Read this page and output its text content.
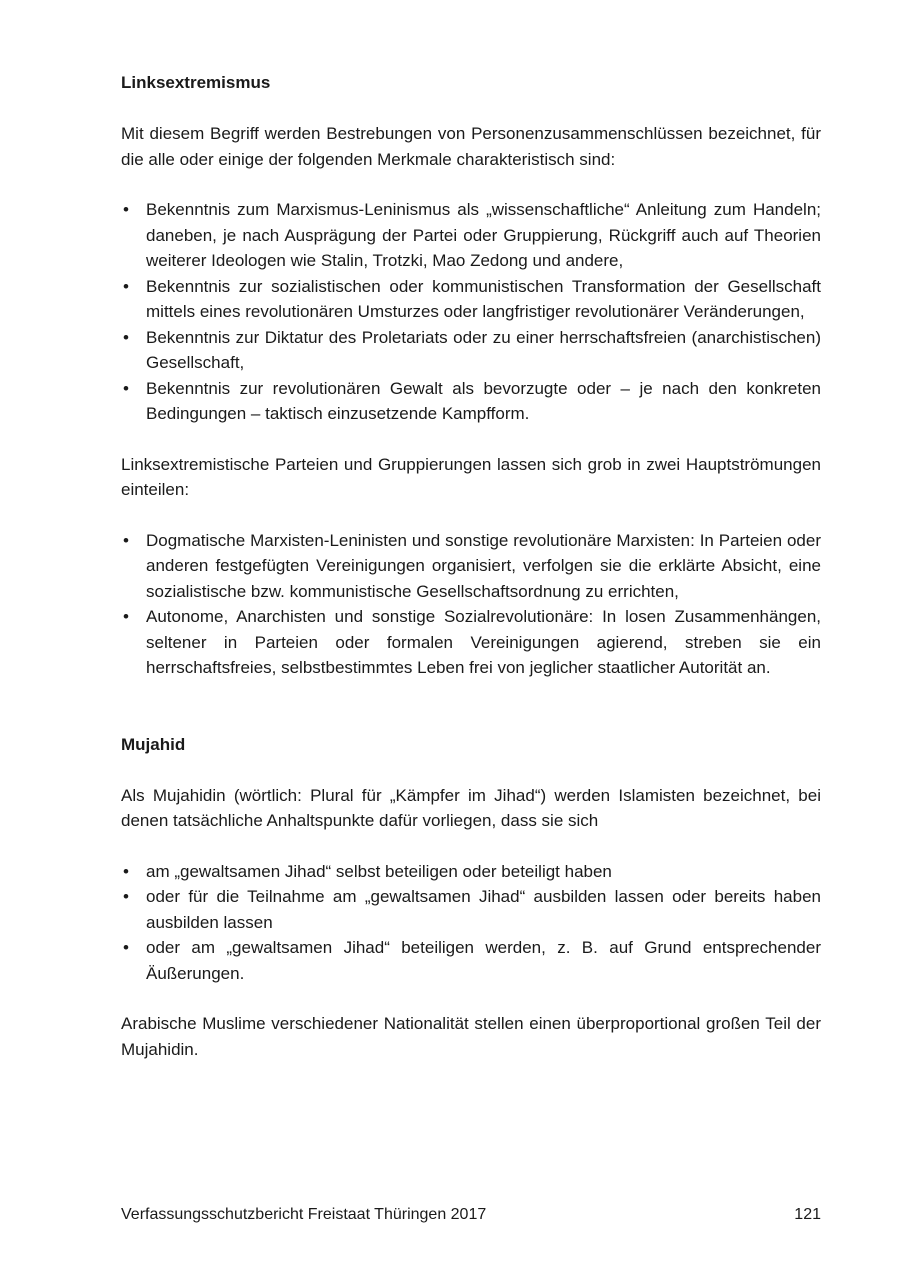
Linksextremismus

Mit diesem Begriff werden Bestrebungen von Personenzusammenschlüssen bezeichnet, für die alle oder einige der folgenden Merkmale charakteristisch sind:

• Bekenntnis zum Marxismus-Leninismus als „wissenschaftliche“ Anleitung zum Handeln; daneben, je nach Ausprägung der Partei oder Gruppierung, Rückgriff auch auf Theorien weiterer Ideologen wie Stalin, Trotzki, Mao Zedong und andere,
• Bekenntnis zur sozialistischen oder kommunistischen Transformation der Gesellschaft mittels eines revolutionären Umsturzes oder langfristiger revolutionärer Veränderungen,
• Bekenntnis zur Diktatur des Proletariats oder zu einer herrschaftsfreien (anarchistischen) Gesellschaft,
• Bekenntnis zur revolutionären Gewalt als bevorzugte oder – je nach den konkreten Bedingungen – taktisch einzusetzende Kampfform.

Linksextremistische Parteien und Gruppierungen lassen sich grob in zwei Hauptströmungen einteilen:

• Dogmatische Marxisten-Leninisten und sonstige revolutionäre Marxisten: In Parteien oder anderen festgefügten Vereinigungen organisiert, verfolgen sie die erklärte Absicht, eine sozialistische bzw. kommunistische Gesellschaftsordnung zu errichten,
• Autonome, Anarchisten und sonstige Sozialrevolutionäre: In losen Zusammenhängen, seltener in Parteien oder formalen Vereinigungen agierend, streben sie ein herrschaftsfreies, selbstbestimmtes Leben frei von jeglicher staatlicher Autorität an.
Mujahid

Als Mujahidin (wörtlich: Plural für „Kämpfer im Jihad“) werden Islamisten bezeichnet, bei denen tatsächliche Anhaltspunkte dafür vorliegen, dass sie sich

• am „gewaltsamen Jihad“ selbst beteiligen oder beteiligt haben
• oder für die Teilnahme am „gewaltsamen Jihad“ ausbilden lassen oder bereits haben ausbilden lassen
• oder am „gewaltsamen Jihad“ beteiligen werden, z. B. auf Grund entsprechender Äußerungen.

Arabische Muslime verschiedener Nationalität stellen einen überproportional großen Teil der Mujahidin.

Verfassungsschutzbericht Freistaat Thüringen 2017	121
